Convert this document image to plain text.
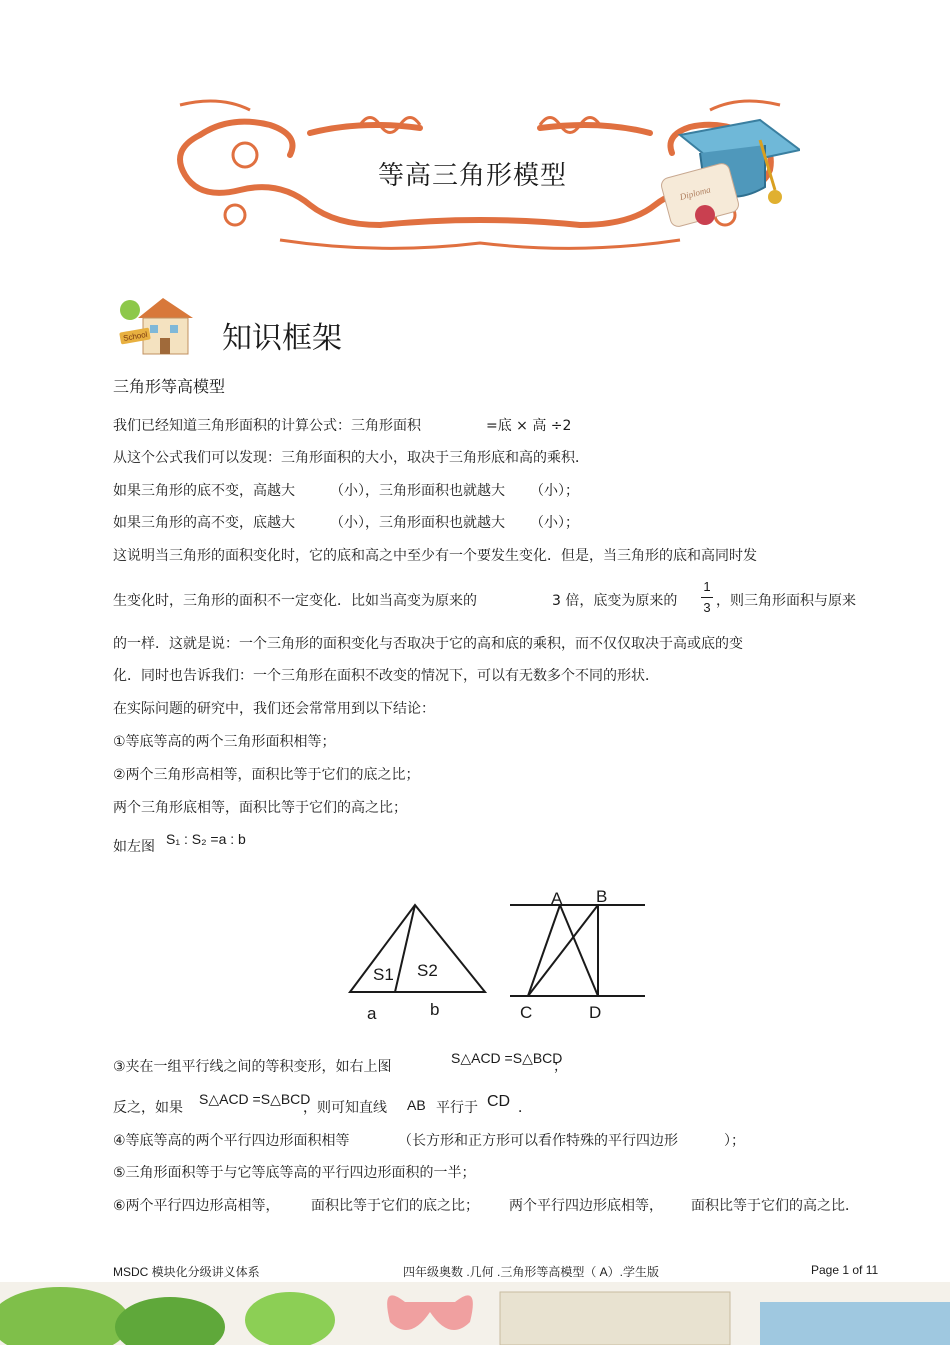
Diploma
等高三角形模型
School 知识框架
三角形等高模型
我们已经知道三角形面积的计算公式：三角形面积	=底 × 高 ÷2
从这个公式我们可以发现：三角形面积的大小，取决于三角形底和高的乘积．
如果三角形的底不变，高越大	（小），三角形面积也就越大 （小）；
如果三角形的高不变，底越大	（小），三角形面积也就越大 （小）；
这说明当三角形的面积变化时，它的底和高之中至少有一个要发生变化．但是，当三角形的底和高同时发
生变化时，三角形的面积不一定变化．比如当高变为原来的	3 倍，底变为原来的	，则三角形面积与原来
1
3
的一样．这就是说：一个三角形的面积变化与否取决于它的高和底的乘积，而不仅仅取决于高或底的变
化．同时也告诉我们：一个三角形在面积不改变的情况下，可以有无数多个不同的形状．
在实际问题的研究中，我们还会常常用到以下结论：
①等底等高的两个三角形面积相等；
②两个三角形高相等，面积比等于它们的底之比；
两个三角形底相等，面积比等于它们的高之比；
如左图 S₁ : S₂ =a : b
S1 S2
a	b
A B
C	D
③夹在一组平行线之间的等积变形，如右上图
S△ACD =S△BCD
；
反之，如果
S△ACD =S△BCD
，则可知直线 AB 平行于 CD ．
④等底等高的两个平行四边形面积相等	（长方形和正方形可以看作特殊的平行四边形	）；
⑤三角形面积等于与它等底等高的平行四边形面积的一半；
⑥两个平行四边形高相等， 面积比等于它们的底之比； 两个平行四边形底相等， 面积比等于它们的高之比．
MSDC 模块化分级讲义体系	四年级奥数 .几何 .三角形等高模型（ A）.学生版	Page 1 of 11
